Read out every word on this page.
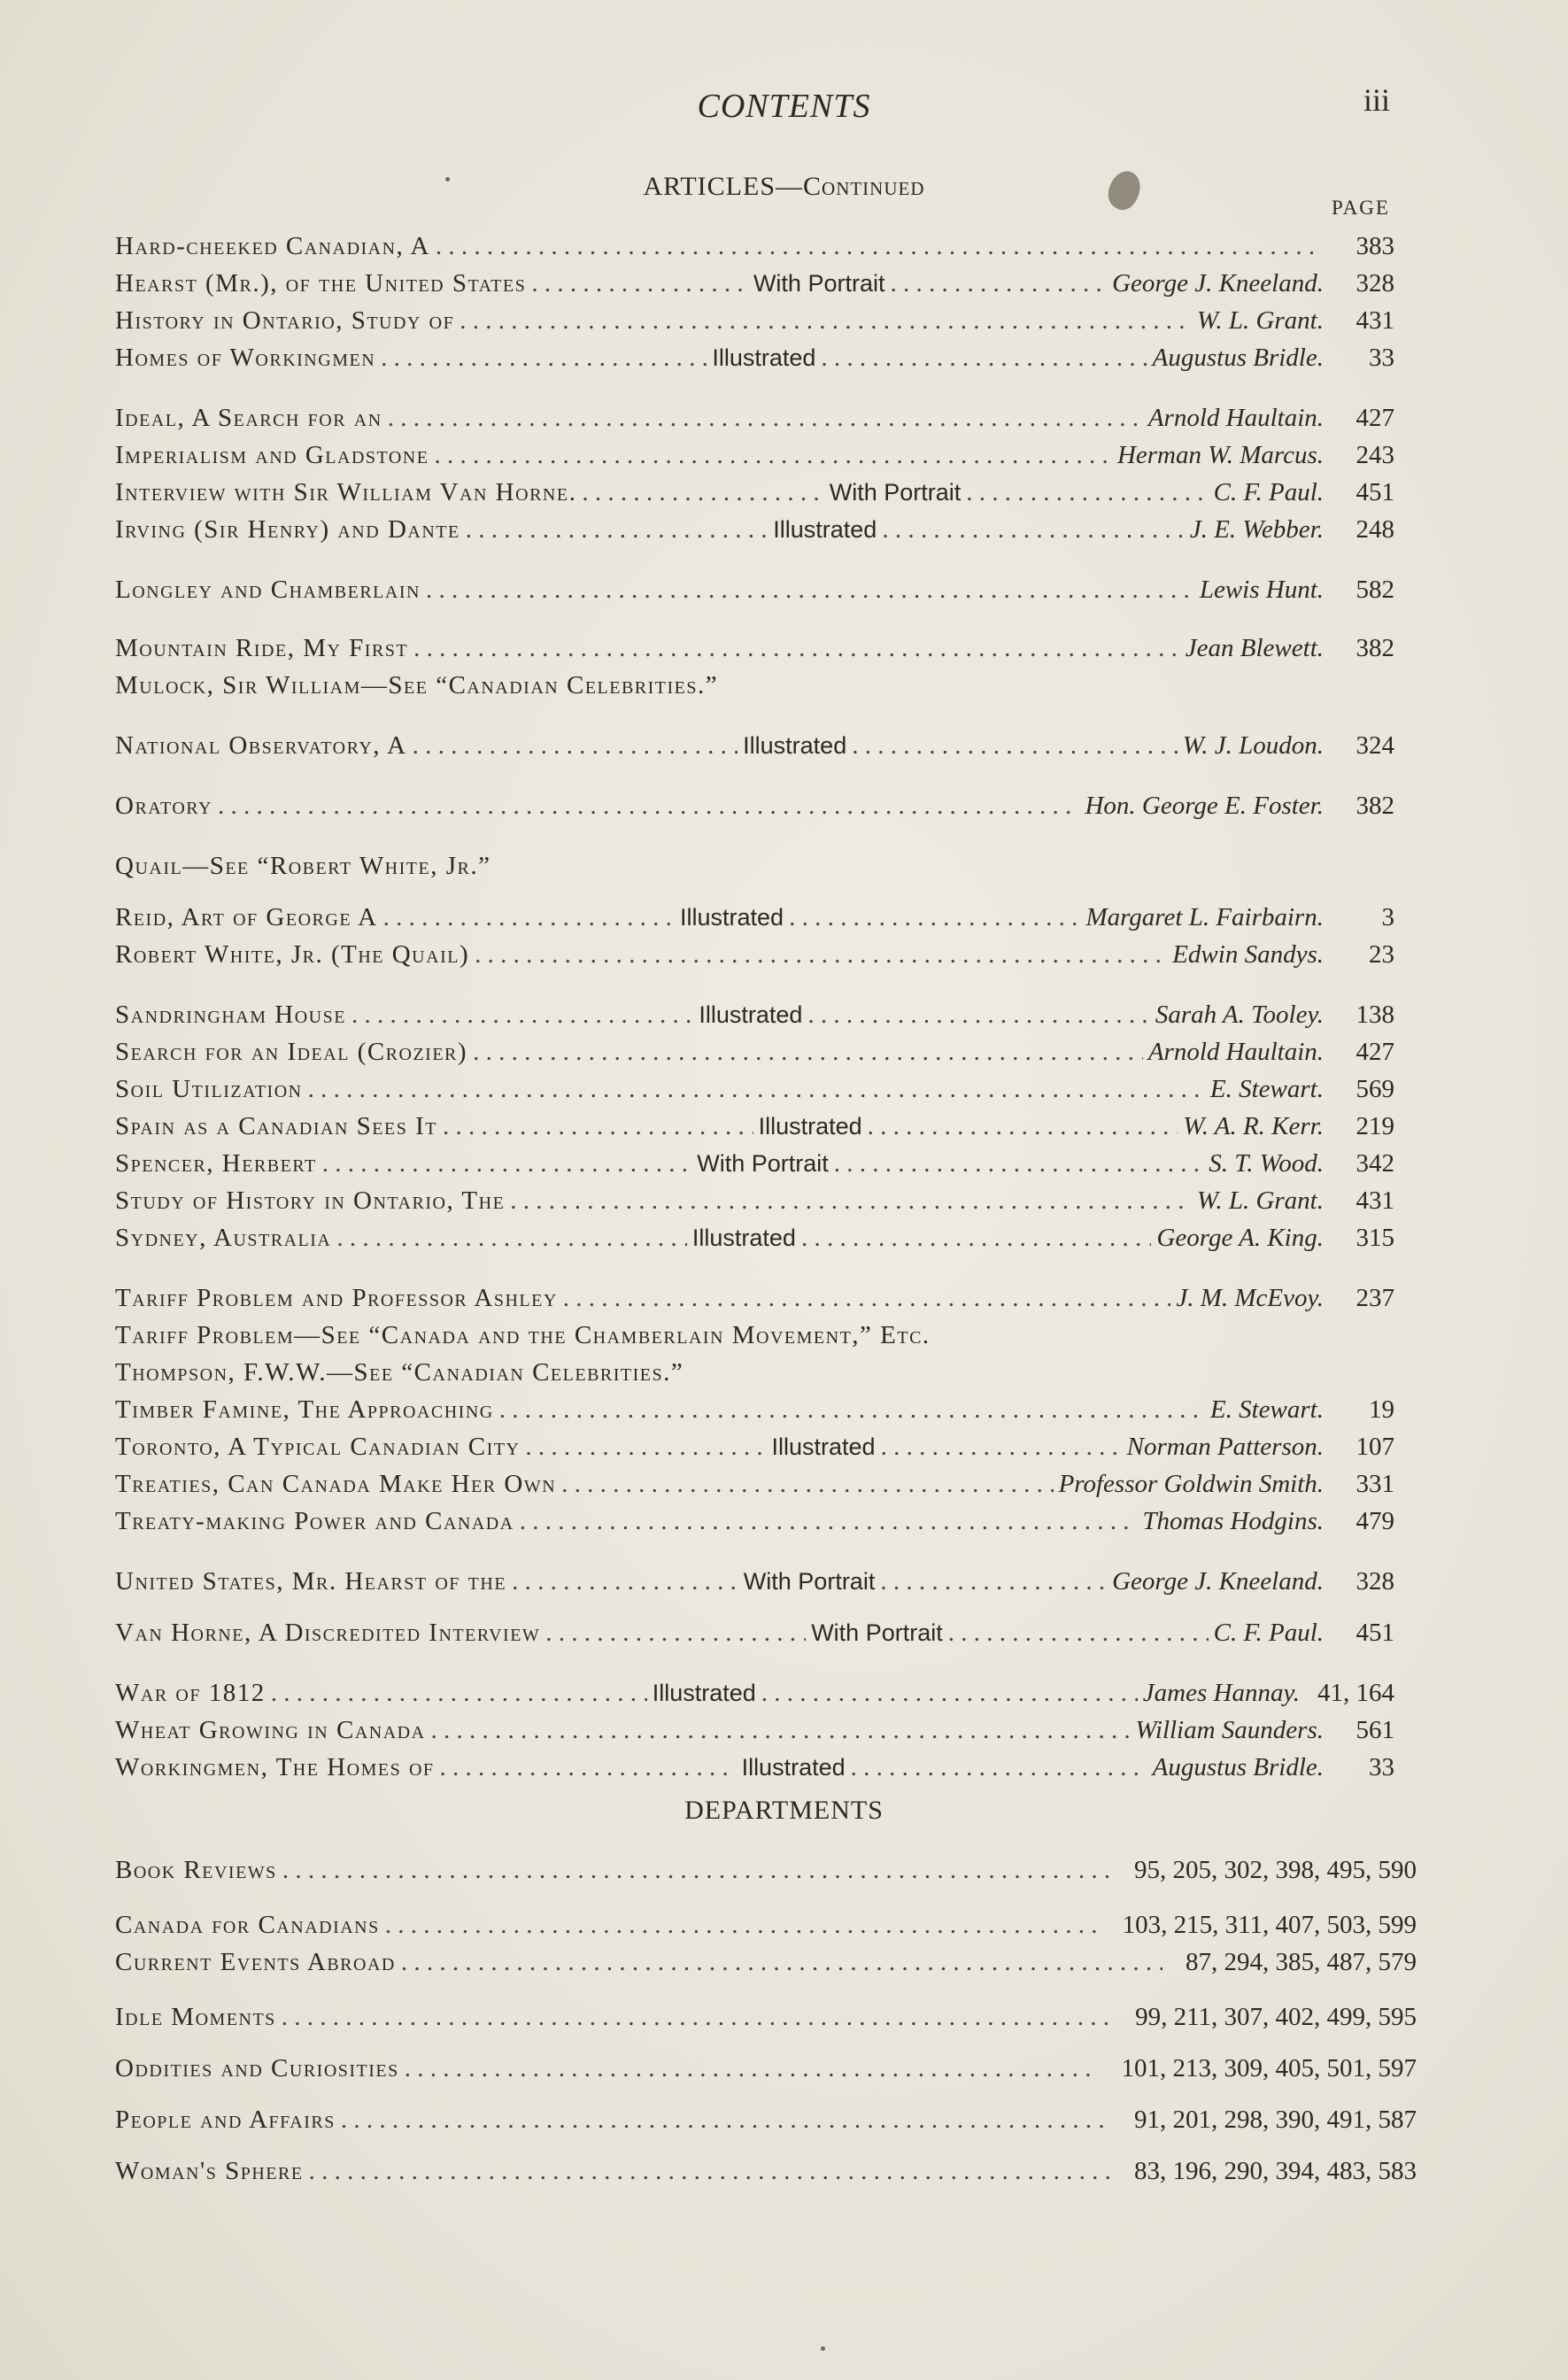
CONTENTS	iii
ARTICLES—Continued
PAGE
Hard-cheeked Canadian, A . . .	383
Hearst (Mr.), of the United States . . .	With Portrait . . .	George J. Kneeland.	328
History in Ontario, Study of . . .	W. L. Grant.	431
Homes of Workingmen . . .	Illustrated . . .	Augustus Bridle.	33
Ideal, A Search for an . . .	Arnold Haultain.	427
Imperialism and Gladstone . . .	Herman W. Marcus.	243
Interview with Sir William Van Horne. . . .	With Portrait . . .	C. F. Paul.	451
Irving (Sir Henry) and Dante . . .	Illustrated . . .	J. E. Webber.	248
Longley and Chamberlain . . .	Lewis Hunt.	582
Mountain Ride, My First . . .	Jean Blewett.	382
Mulock, Sir William—See “Canadian Celebrities.”
National Observatory, A . . .	Illustrated . . .	W. J. Loudon.	324
Oratory . . .	Hon. George E. Foster.	382
Quail—See “Robert White, Jr.”
Reid, Art of George A . . .	Illustrated . . .	Margaret L. Fairbairn.	3
Robert White, Jr. (The Quail) . . .	Edwin Sandys.	23
Sandringham House . . .	Illustrated . . .	Sarah A. Tooley.	138
Search for an Ideal (Crozier) . . .	Arnold Haultain.	427
Soil Utilization . . .	E. Stewart.	569
Spain as a Canadian Sees It . . .	Illustrated . . .	W. A. R. Kerr.	219
Spencer, Herbert . . .	With Portrait . . .	S. T. Wood.	342
Study of History in Ontario, The . . .	W. L. Grant.	431
Sydney, Australia . . .	Illustrated . . .	George A. King.	315
Tariff Problem and Professor Ashley . . .	J. M. McEvoy.	237
Tariff Problem—See “Canada and the Chamberlain Movement,” Etc.
Thompson, F.W.W.—See “Canadian Celebrities.”
Timber Famine, The Approaching . . .	E. Stewart.	19
Toronto, A Typical Canadian City . . .	Illustrated . . .	Norman Patterson.	107
Treaties, Can Canada Make Her Own . . .	Professor Goldwin Smith.	331
Treaty-making Power and Canada . . .	Thomas Hodgins.	479
United States, Mr. Hearst of the . . .	With Portrait . . .	George J. Kneeland.	328
Van Horne, A Discredited Interview . . .	With Portrait . . .	C. F. Paul.	451
War of 1812 . . .	Illustrated . . .	James Hannay. 41, 164
Wheat Growing in Canada . . .	William Saunders.	561
Workingmen, The Homes of . . .	Illustrated . . .	Augustus Bridle.	33
DEPARTMENTS
Book Reviews . . .	95, 205, 302, 398, 495, 590
Canada for Canadians . . .	103, 215, 311, 407, 503, 599
Current Events Abroad . . .	87, 294, 385, 487, 579
Idle Moments . . .	99, 211, 307, 402, 499, 595
Oddities and Curiosities . . .	101, 213, 309, 405, 501, 597
People and Affairs . . .	91, 201, 298, 390, 491, 587
Woman's Sphere . . .	83, 196, 290, 394, 483, 583
